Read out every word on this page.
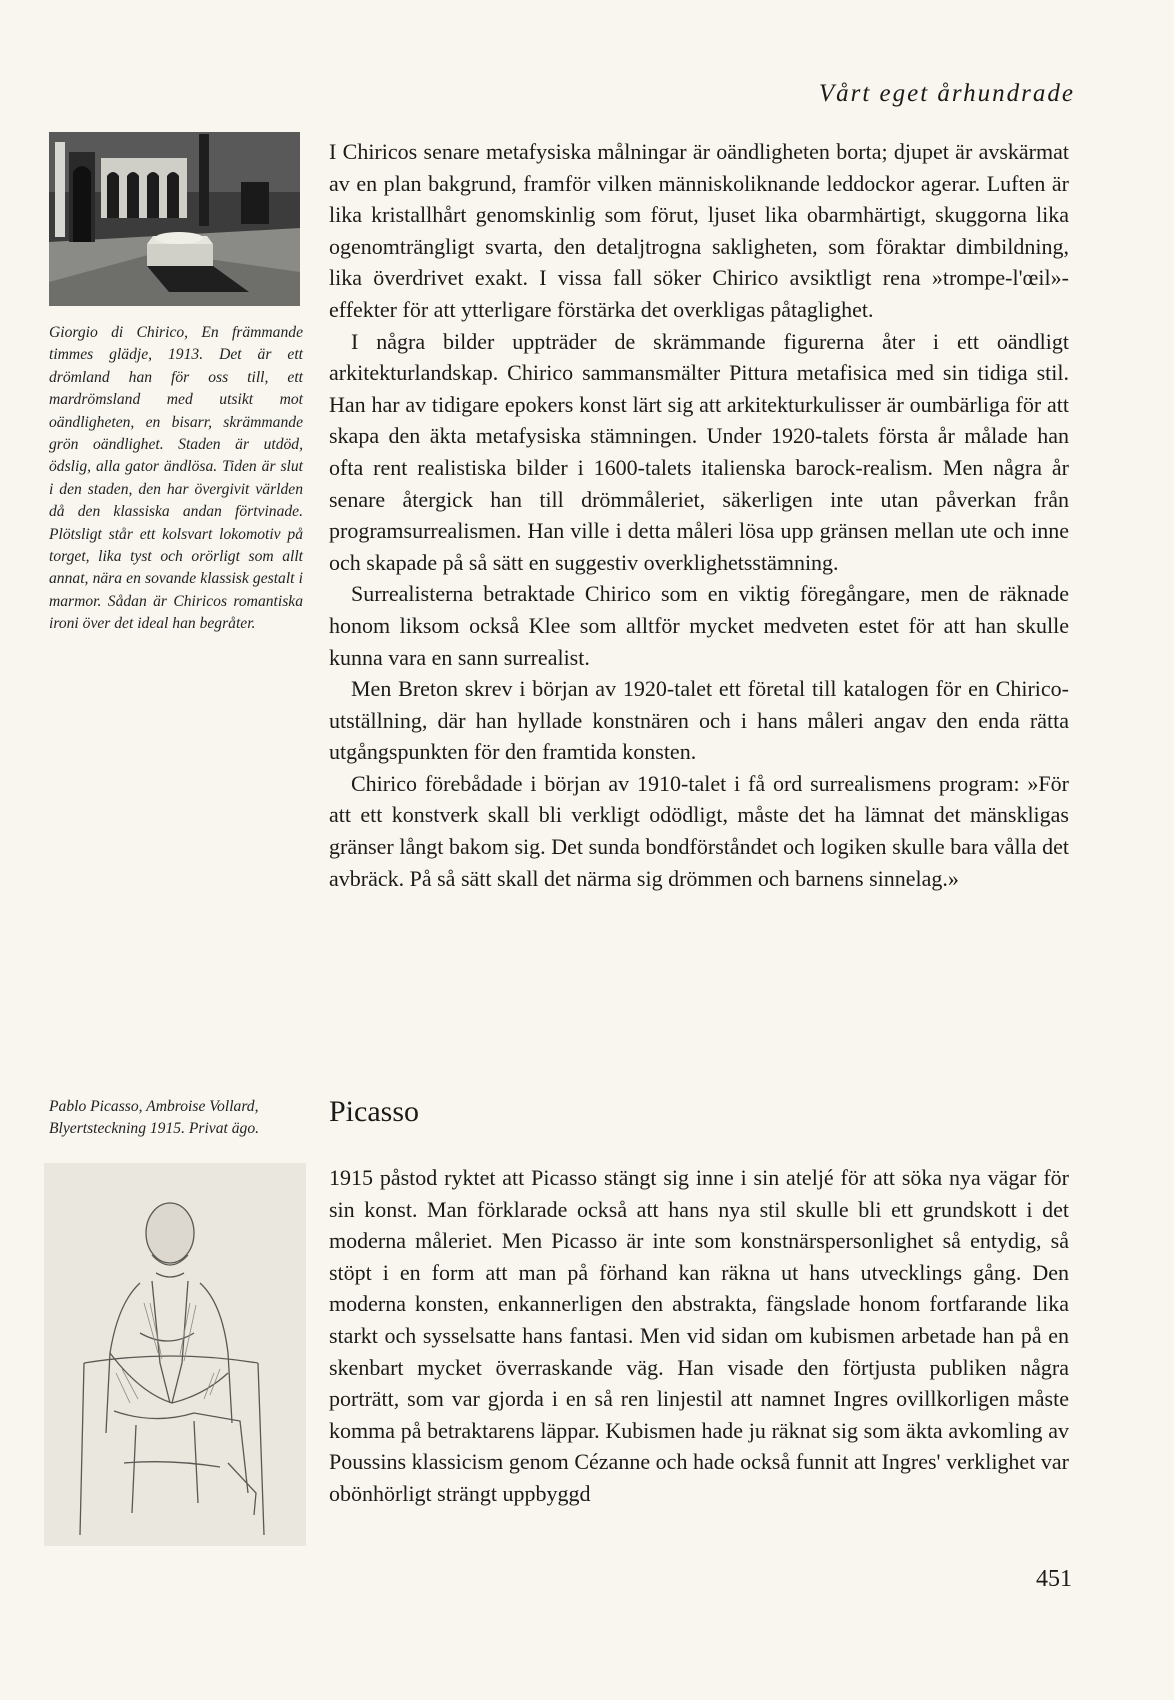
Vårt eget århundrade
Giorgio di Chirico, En främmande timmes glädje, 1913. Det är ett drömland han för oss till, ett mardrömsland med utsikt mot oändligheten, en bisarr, skrämmande grön oändlighet. Staden är utdöd, ödslig, alla gator ändlösa. Tiden är slut i den staden, den har övergivit världen då den klassiska andan förtvinade. Plötsligt står ett kolsvart lokomotiv på torget, lika tyst och orörligt som allt annat, nära en sovande klassisk gestalt i marmor. Sådan är Chiricos romantiska ironi över det ideal han begråter.

I Chiricos senare metafysiska målningar är oändligheten borta; djupet är avskärmat av en plan bakgrund, framför vilken människoliknande leddockor agerar. Luften är lika kristallhårt genomskinlig som förut, ljuset lika obarmhärtigt, skuggorna lika ogenomträngligt svarta, den detaljtrogna sakligheten, som föraktar dimbildning, lika överdrivet exakt. I vissa fall söker Chirico avsiktligt rena »trompe-l'œil»-effekter för att ytterligare förstärka det overkligas påtaglighet.

I några bilder uppträder de skrämmande figurerna åter i ett oändligt arkitekturlandskap. Chirico sammansmälter Pittura metafisica med sin tidiga stil. Han har av tidigare epokers konst lärt sig att arkitekturkulisser är oumbärliga för att skapa den äkta metafysiska stämningen. Under 1920-talets första år målade han ofta rent realistiska bilder i 1600-talets italienska barock-realism. Men några år senare återgick han till drömmåleriet, säkerligen inte utan påverkan från programsurrealismen. Han ville i detta måleri lösa upp gränsen mellan ute och inne och skapade på så sätt en suggestiv overklighetsstämning.

Surrealisterna betraktade Chirico som en viktig föregångare, men de räknade honom liksom också Klee som alltför mycket medveten estet för att han skulle kunna vara en sann surrealist.

Men Breton skrev i början av 1920-talet ett företal till katalogen för en Chirico-utställning, där han hyllade konstnären och i hans måleri angav den enda rätta utgångspunkten för den framtida konsten.

Chirico förebådade i början av 1910-talet i få ord surrealismens program: »För att ett konstverk skall bli verkligt odödligt, måste det ha lämnat det mänskligas gränser långt bakom sig. Det sunda bondförståndet och logiken skulle bara vålla det avbräck. På så sätt skall det närma sig drömmen och barnens sinnelag.»

Pablo Picasso, Ambroise Vollard, Blyertsteckning 1915. Privat ägo.
Picasso

1915 påstod ryktet att Picasso stängt sig inne i sin ateljé för att söka nya vägar för sin konst. Man förklarade också att hans nya stil skulle bli ett grundskott i det moderna måleriet. Men Picasso är inte som konstnärspersonlighet så entydig, så stöpt i en form att man på förhand kan räkna ut hans utvecklings gång. Den moderna konsten, enkannerligen den abstrakta, fängslade honom fortfarande lika starkt och sysselsatte hans fantasi. Men vid sidan om kubismen arbetade han på en skenbart mycket överraskande väg. Han visade den förtjusta publiken några porträtt, som var gjorda i en så ren linjestil att namnet Ingres ovillkorligen måste komma på betraktarens läppar. Kubismen hade ju räknat sig som äkta avkomling av Poussins klassicism genom Cézanne och hade också funnit att Ingres' verklighet var obönhörligt strängt uppbyggd

451
